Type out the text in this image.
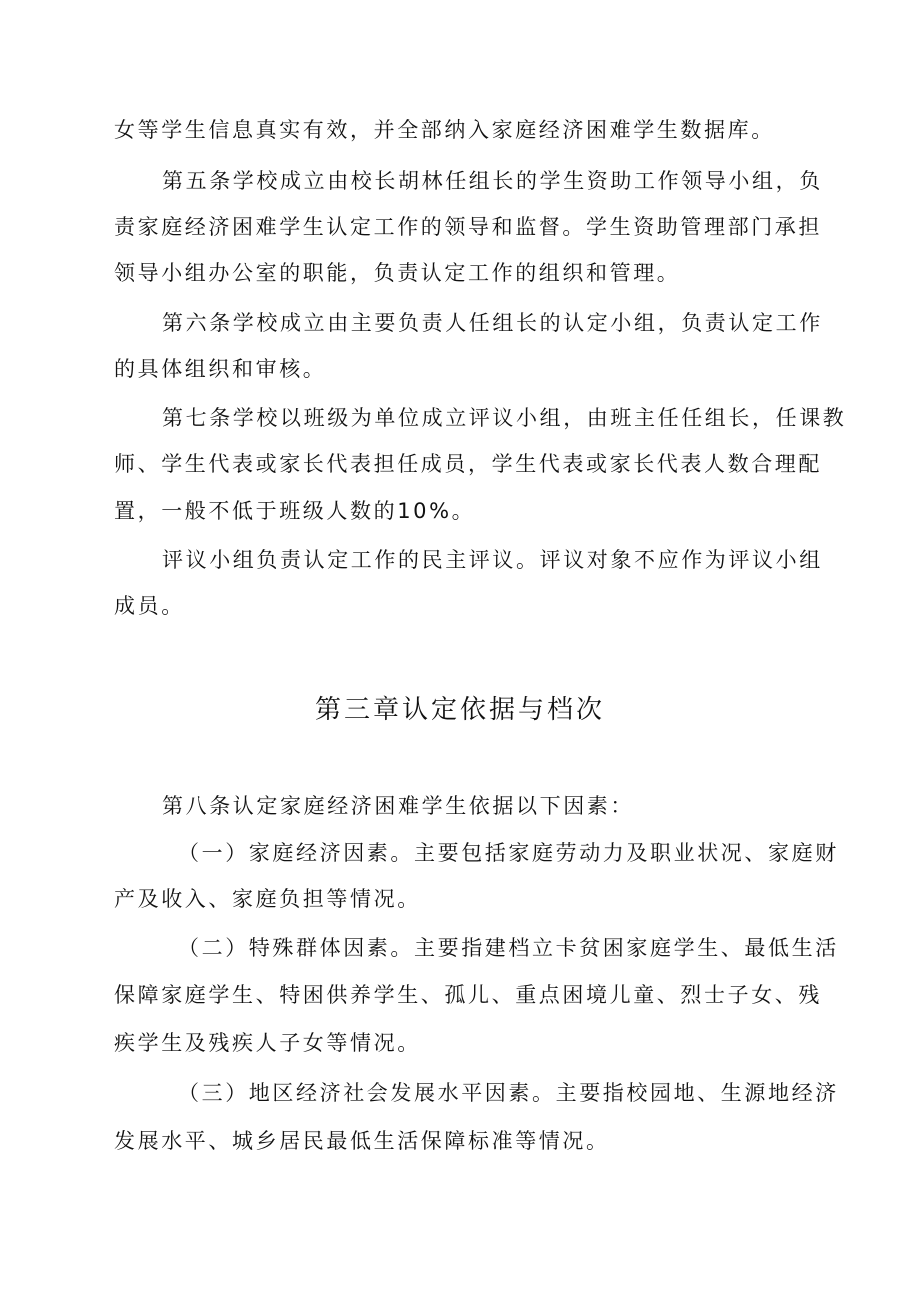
女等学生信息真实有效，并全部纳入家庭经济困难学生数据库。
第五条学校成立由校长胡林任组长的学生资助工作领导小组，负
责家庭经济困难学生认定工作的领导和监督。学生资助管理部门承担
领导小组办公室的职能，负责认定工作的组织和管理。
第六条学校成立由主要负责人任组长的认定小组，负责认定工作
的具体组织和审核。
第七条学校以班级为单位成立评议小组，由班主任任组长，任课教
师、学生代表或家长代表担任成员，学生代表或家长代表人数合理配
置，一般不低于班级人数的10%。
评议小组负责认定工作的民主评议。评议对象不应作为评议小组
成员。
第三章认定依据与档次
第八条认定家庭经济困难学生依据以下因素：
（一）家庭经济因素。主要包括家庭劳动力及职业状况、家庭财
产及收入、家庭负担等情况。
（二）特殊群体因素。主要指建档立卡贫困家庭学生、最低生活
保障家庭学生、特困供养学生、孤儿、重点困境儿童、烈士子女、残
疾学生及残疾人子女等情况。
（三）地区经济社会发展水平因素。主要指校园地、生源地经济
发展水平、城乡居民最低生活保障标准等情况。
